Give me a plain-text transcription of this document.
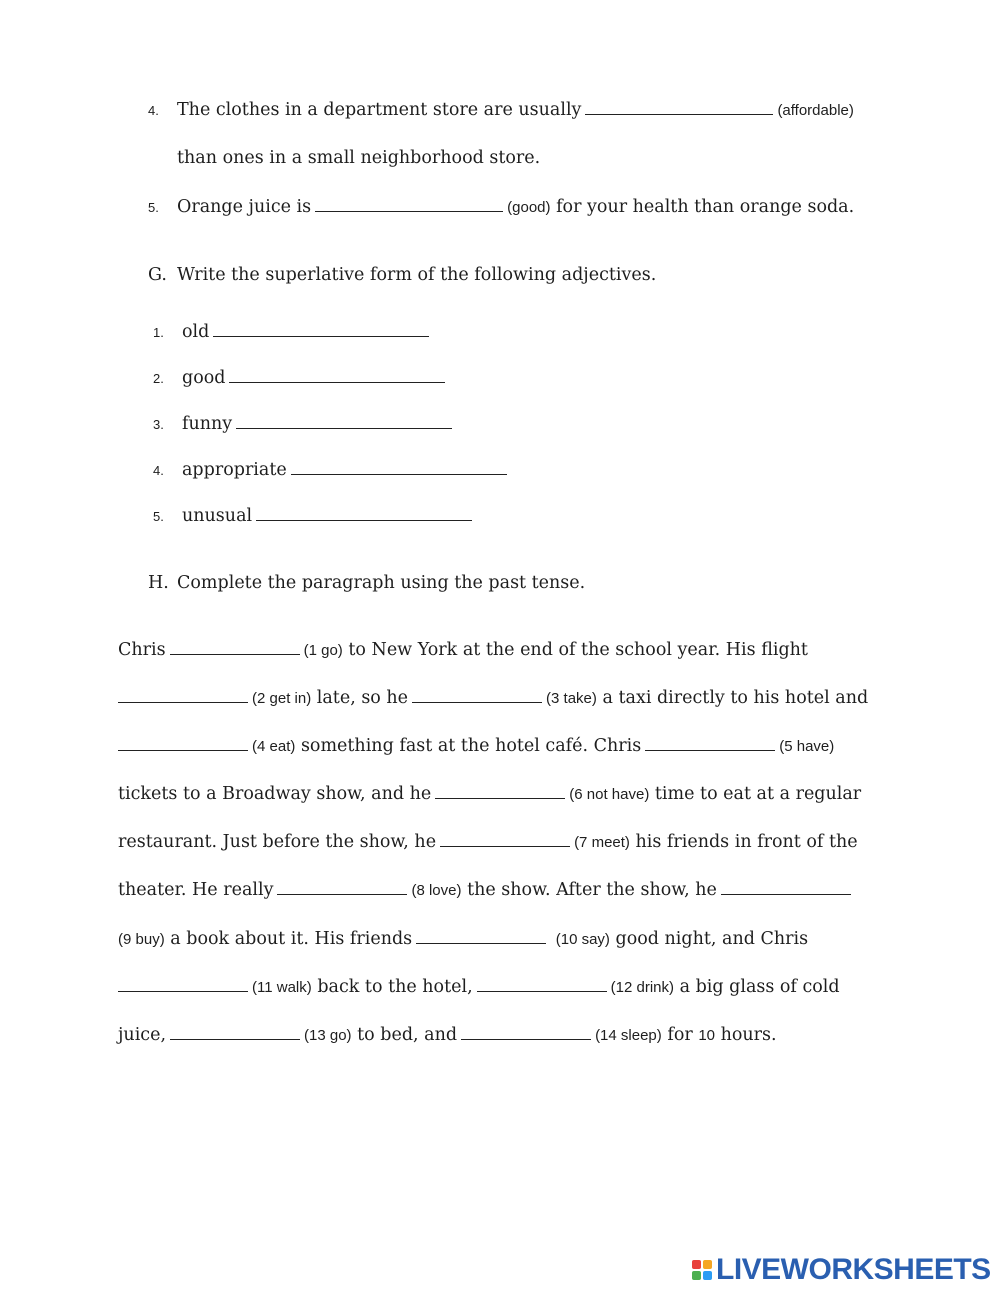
4. The clothes in a department store are usually	(affordable)
than ones in a small neighborhood store.
5. Orange juice is	(good) for your health than orange soda.
G. Write the superlative form of the following adjectives.
1. old
2. good
3. funny
4. appropriate
5. unusual
H. Complete the paragraph using the past tense.
Chris	(1 go) to New York at the end of the school year. His flight
(2 get in) late, so he	(3 take) a taxi directly to his hotel and
(4 eat) something fast at the hotel café. Chris	(5 have)
tickets to a Broadway show, and he	(6 not have) time to eat at a regular
restaurant. Just before the show, he	(7 meet) his friends in front of the
theater. He really	(8 love) the show. After the show, he
(9 buy) a book about it. His friends	(10 say) good night, and Chris
(11 walk) back to the hotel,	(12 drink) a big glass of cold
juice,	(13 go) to bed, and	(14 sleep) for 10 hours.
LIVEWORKSHEETS
